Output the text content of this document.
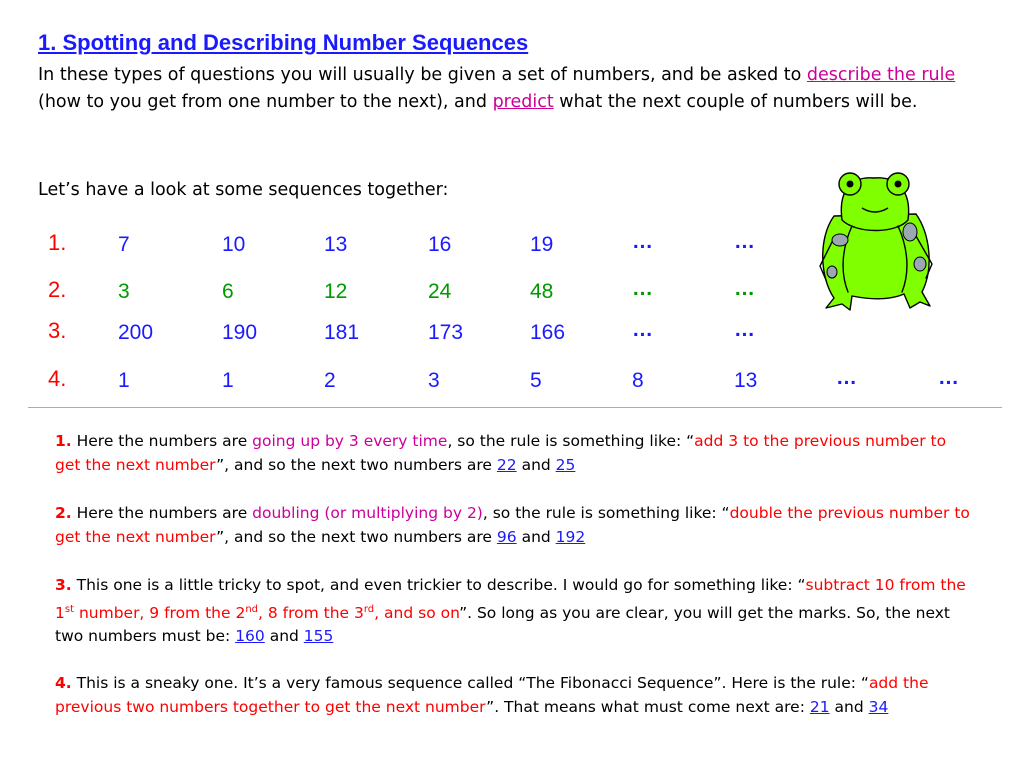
1. Spotting and Describing Number Sequences
In these types of questions you will usually be given a set of numbers, and be asked to describe the rule (how to you get from one number to the next), and predict what the next couple of numbers will be.
Let’s have a look at some sequences together:
1. 7	10	13	16	19	…	…
2. 3	6	12	24	48	…	…
3. 200	190	181	173	166	…	…
4. 1	1	2	3	5	8	13	…	…
1. Here the numbers are going up by 3 every time, so the rule is something like: “add 3 to the previous number to get the next number”, and so the next two numbers are 22 and 25
2. Here the numbers are doubling (or multiplying by 2), so the rule is something like: “double the previous number to get the next number”, and so the next two numbers are 96 and 192
3. This one is a little tricky to spot, and even trickier to describe. I would go for something like: “subtract 10 from the 1st number, 9 from the 2nd, 8 from the 3rd, and so on”. So long as you are clear, you will get the marks. So, the next two numbers must be: 160 and 155
4. This is a sneaky one. It’s a very famous sequence called “The Fibonacci Sequence”. Here is the rule: “add the previous two numbers together to get the next number”. That means what must come next are: 21 and 34
